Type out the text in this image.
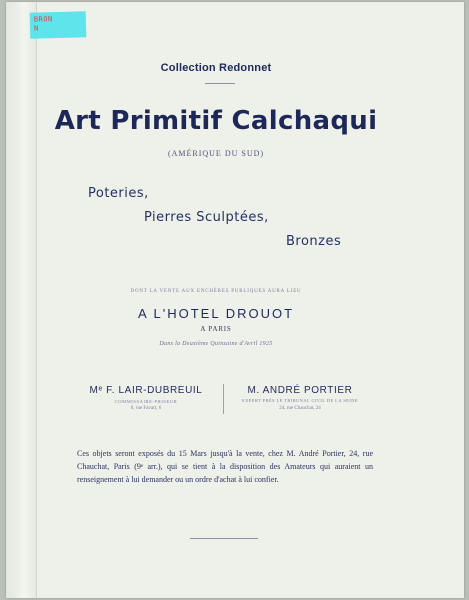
BRON
N
Collection Redonnet
Art Primitif Calchaqui
(AMÉRIQUE DU SUD)
Poteries,
Pierres Sculptées,
Bronzes
DONT LA VENTE AUX ENCHÈRES PUBLIQUES AURA LIEU
A L'HOTEL DROUOT
A PARIS
Dans la Deuxième Quinzaine d'Avril 1925
Mᵉ F. LAIR-DUBREUIL
COMMISSAIRE-PRISEUR
6, rue Favart, 6
M. ANDRÉ PORTIER
EXPERT PRÈS LE TRIBUNAL CIVIL DE LA SEINE
24, rue Chauchat, 24
Ces objets seront exposés du 15 Mars jusqu'à la vente, chez M. André Portier, 24, rue Chauchat, Paris (9ᵉ arr.), qui se tient à la disposition des Amateurs qui auraient un renseignement à lui demander ou un ordre d'achat à lui confier.
